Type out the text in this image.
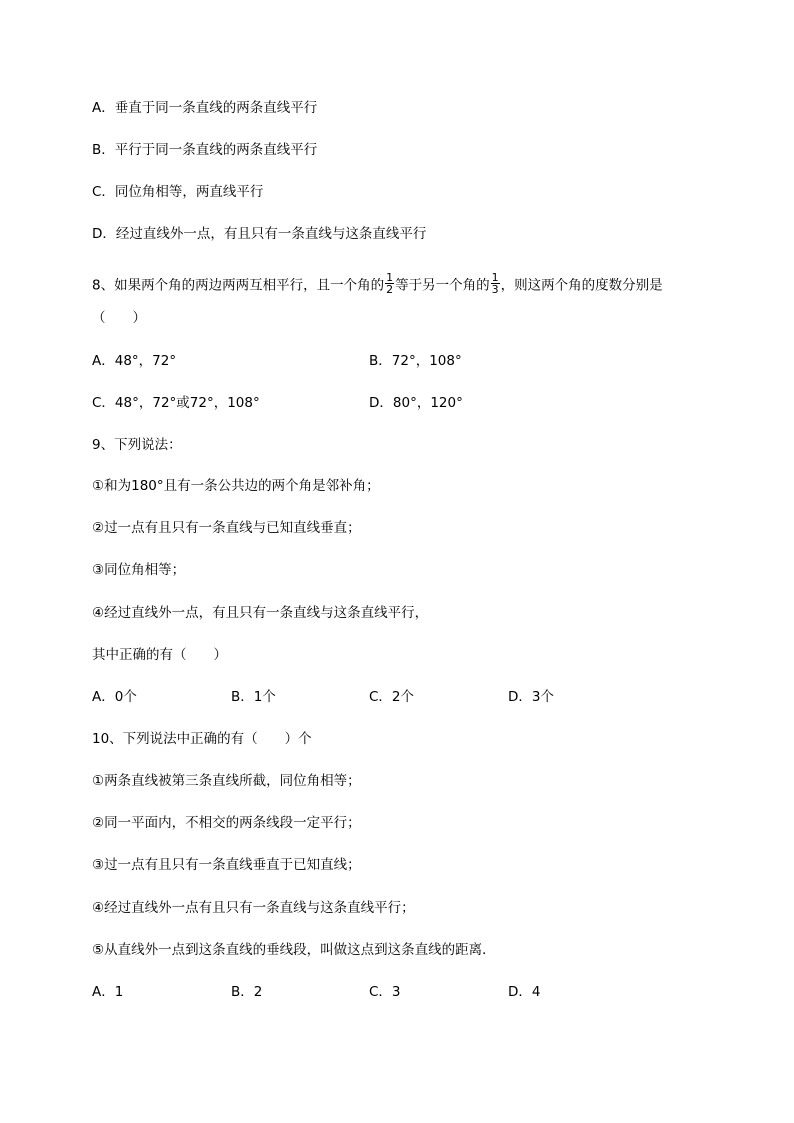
A．垂直于同一条直线的两条直线平行
B．平行于同一条直线的两条直线平行
C．同位角相等，两直线平行
D．经过直线外一点，有且只有一条直线与这条直线平行
8、如果两个角的两边两两互相平行，且一个角的 $\frac{1}{2}$ 等于另一个角的 $\frac{1}{3}$ ，则这两个角的度数分别是
（　　）
A．48°，72°	B．72°，108°
C．48°，72°或72°，108°	D．80°，120°
9、下列说法：
①和为180°且有一条公共边的两个角是邻补角；
②过一点有且只有一条直线与已知直线垂直；
③同位角相等；
④经过直线外一点，有且只有一条直线与这条直线平行，
其中正确的有（　　）
A．0个	B．1个	C．2个	D．3个
10、下列说法中正确的有（　　）个
①两条直线被第三条直线所截，同位角相等；
②同一平面内，不相交的两条线段一定平行；
③过一点有且只有一条直线垂直于已知直线；
④经过直线外一点有且只有一条直线与这条直线平行；
⑤从直线外一点到这条直线的垂线段，叫做这点到这条直线的距离．
A．1	B．2	C．3	D．4
